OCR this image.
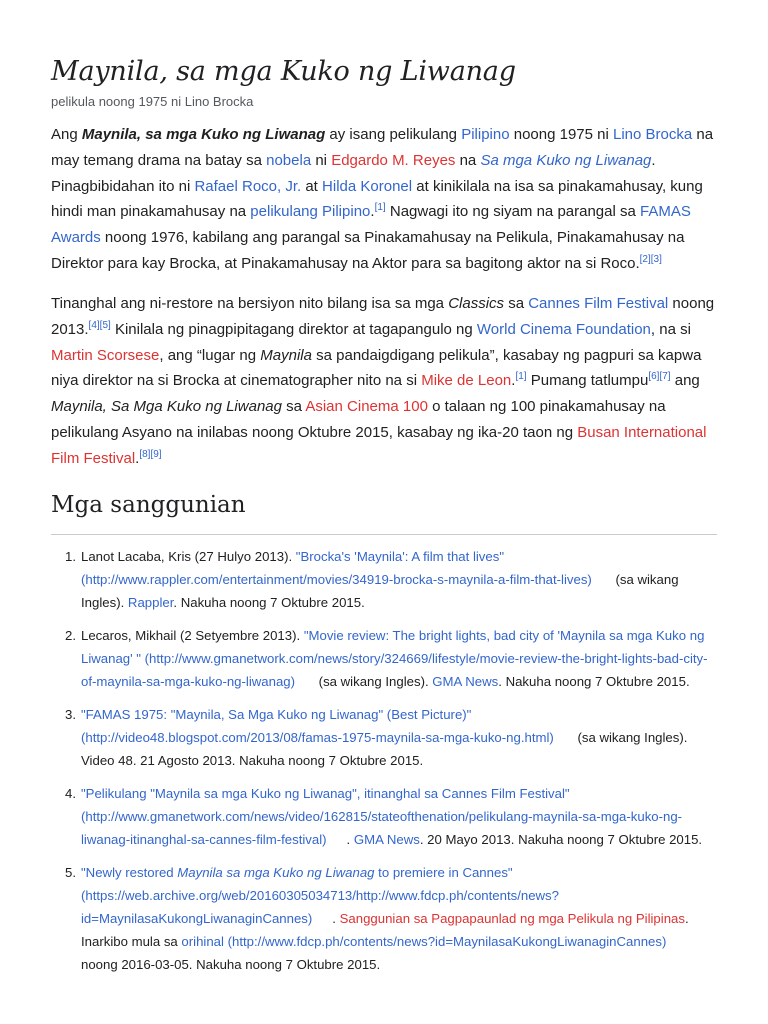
Maynila, sa mga Kuko ng Liwanag
pelikula noong 1975 ni Lino Brocka

Ang Maynila, sa mga Kuko ng Liwanag ay isang pelikulang Pilipino noong 1975 ni Lino Brocka na may temang drama na batay sa nobela ni Edgardo M. Reyes na Sa mga Kuko ng Liwanag. Pinagbibidahan ito ni Rafael Roco, Jr. at Hilda Koronel at kinikilala na isa sa pinakamahusay, kung hindi man pinakamahusay na pelikulang Pilipino.[1] Nagwagi ito ng siyam na parangal sa FAMAS Awards noong 1976, kabilang ang parangal sa Pinakamahusay na Pelikula, Pinakamahusay na Direktor para kay Brocka, at Pinakamahusay na Aktor para sa bagitong aktor na si Roco.[2][3]

Tinanghal ang ni-restore na bersiyon nito bilang isa sa mga Classics sa Cannes Film Festival noong 2013.[4][5] Kinilala ng pinagpipitagang direktor at tagapangulo ng World Cinema Foundation, na si Martin Scorsese, ang “lugar ng Maynila sa pandaigdigang pelikula”, kasabay ng pagpuri sa kapwa niya direktor na si Brocka at cinematographer nito na si Mike de Leon.[1] Pumang tatlumpu[6][7] ang Maynila, Sa Mga Kuko ng Liwanag sa Asian Cinema 100 o talaan ng 100 pinakamahusay na pelikulang Asyano na inilabas noong Oktubre 2015, kasabay ng ika-20 taon ng Busan International Film Festival.[8][9]

Mga sanggunian
1. Lanot Lacaba, Kris (27 Hulyo 2013). "Brocka's 'Maynila': A film that lives" (http://www.rappler.com/entertainment/movies/34919-brocka-s-maynila-a-film-that-lives)
(sa wikang Ingles). Rappler. Nakuha noong 7 Oktubre 2015.
2. Lecaros, Mikhail (2 Setyembre 2013). "Movie review: The bright lights, bad city of 'Maynila sa mga Kuko ng Liwanag' " (http://www.gmanetwork.com/news/story/324669/lifestyle/movie-review-the-bright-lights-bad-city-of-maynila-sa-mga-kuko-ng-liwanag)
(sa wikang Ingles). GMA News. Nakuha noong 7 Oktubre 2015.
3. "FAMAS 1975: "Maynila, Sa Mga Kuko ng Liwanag" (Best Picture)" (http://video48.blogspot.com/2013/08/famas-1975-maynila-sa-mga-kuko-ng.html)
(sa wikang Ingles). Video 48. 21 Agosto 2013. Nakuha noong 7 Oktubre 2015.
4. "Pelikulang "Maynila sa mga Kuko ng Liwanag", itinanghal sa Cannes Film Festival" (http://www.gmanetwork.com/news/video/162815/stateofthenation/pelikulang-maynila-sa-mga-kuko-ng-liwanag-itinanghal-sa-cannes-film-festival) . GMA News. 20 Mayo 2013. Nakuha noong 7 Oktubre 2015.
5. "Newly restored Maynila sa mga Kuko ng Liwanag to premiere in Cannes" (https://web.archive.org/web/20160305034713/http://www.fdcp.ph/contents/news?id=MaynilasaKukongLiwanaginCannes) . Sanggunian sa Pagpapaunlad ng mga Pelikula ng Pilipinas. Inarkibo mula sa orihinal (http://www.fdcp.ph/contents/news?id=MaynilasaKukongLiwanaginCannes)
noong 2016-03-05. Nakuha noong 7 Oktubre 2015.
